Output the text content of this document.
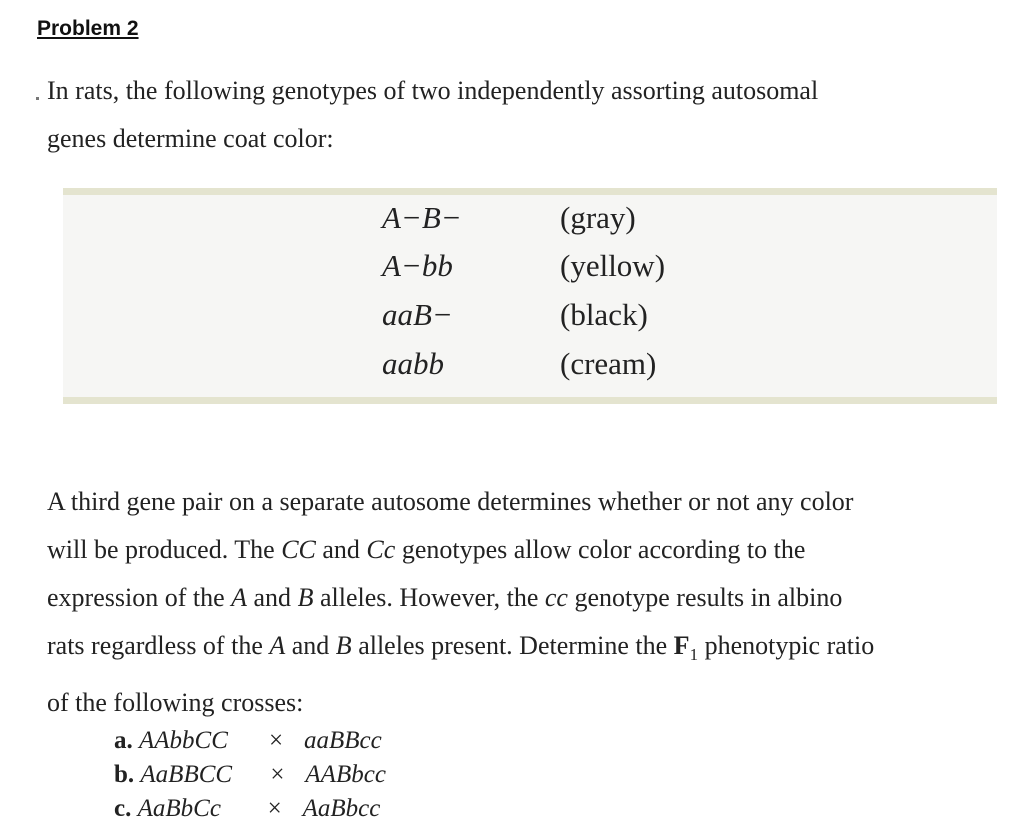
Problem 2
In rats, the following genotypes of two independently assorting autosomal
genes determine coat color:
A−B−	(gray)
A−bb	(yellow)
aaB−	(black)
aabb	(cream)
A third gene pair on a separate autosome determines whether or not any color
will be produced. The CC and Cc genotypes allow color according to the
expression of the A and B alleles. However, the cc genotype results in albino
rats regardless of the A and B alleles present. Determine the $F_1$ phenotypic ratio
of the following crosses:
a. AAbbCC × aaBBcc
b. AaBBCC × AABbcc
c. AaBbCc × AaBbcc
